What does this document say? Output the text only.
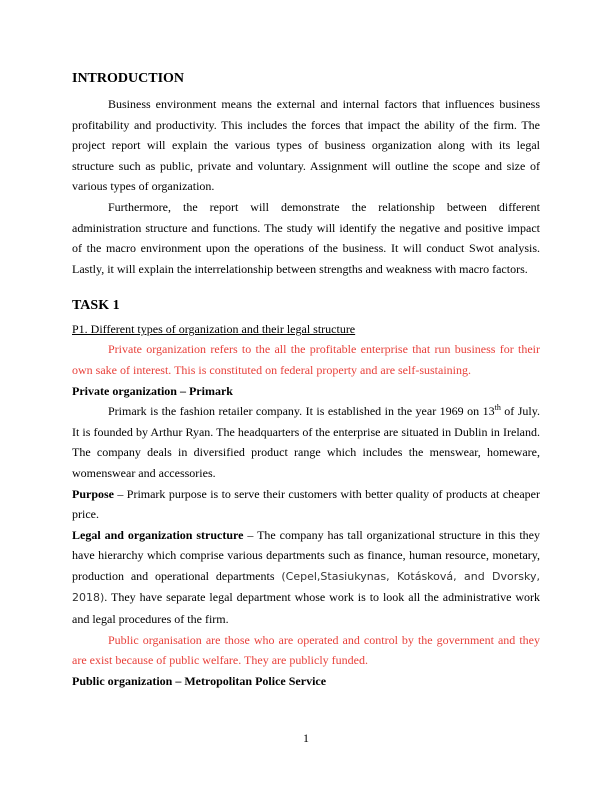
INTRODUCTION

Business environment means the external and internal factors that influences business profitability and productivity. This includes the forces that impact the ability of the firm. The project report will explain the various types of business organization along with its legal structure such as public, private and voluntary. Assignment will outline the scope and size of various types of organization.

Furthermore, the report will demonstrate the relationship between different administration structure and functions. The study will identify the negative and positive impact of the macro environment upon the operations of the business. It will conduct Swot analysis. Lastly, it will explain the interrelationship between strengths and weakness with macro factors.

TASK 1

P1. Different types of organization and their legal structure

Private organization refers to the all the profitable enterprise that run business for their own sake of interest. This is constituted on federal property and are self-sustaining.

Private organization – Primark

Primark is the fashion retailer company. It is established in the year 1969 on 13th of July. It is founded by Arthur Ryan. The headquarters of the enterprise are situated in Dublin in Ireland. The company deals in diversified product range which includes the menswear, homeware, womenswear and accessories.

Purpose – Primark purpose is to serve their customers with better quality of products at cheaper price.

Legal and organization structure – The company has tall organizational structure in this they have hierarchy which comprise various departments such as finance, human resource, monetary, production and operational departments (Cepel,Stasiukynas, Kotásková, and Dvorsky, 2018). They have separate legal department whose work is to look all the administrative work and legal procedures of the firm.

Public organisation are those who are operated and control by the government and they are exist because of public welfare. They are publicly funded.

Public organization – Metropolitan Police Service

1
